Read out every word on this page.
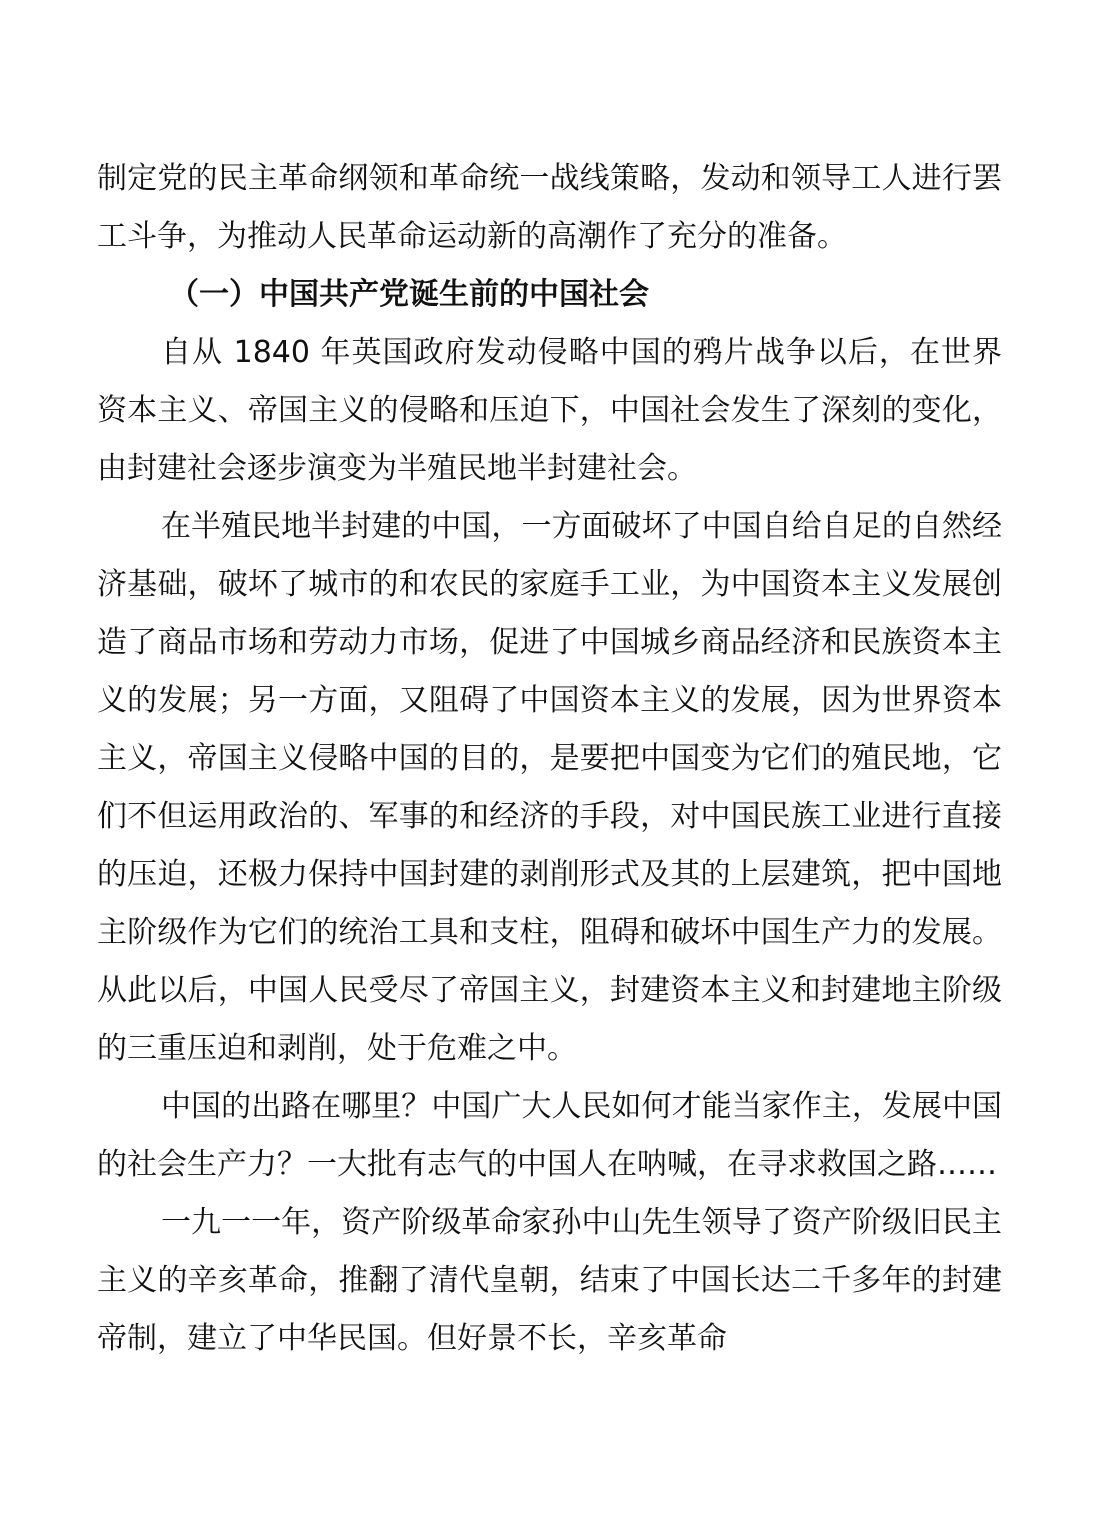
制定党的民主革命纲领和革命统一战线策略，发动和领导工人进行罢工斗争，为推动人民革命运动新的高潮作了充分的准备。

（一）中国共产党诞生前的中国社会

自从 1840 年英国政府发动侵略中国的鸦片战争以后，在世界资本主义、帝国主义的侵略和压迫下，中国社会发生了深刻的变化，由封建社会逐步演变为半殖民地半封建社会。

在半殖民地半封建的中国，一方面破坏了中国自给自足的自然经济基础，破坏了城市的和农民的家庭手工业，为中国资本主义发展创造了商品市场和劳动力市场，促进了中国城乡商品经济和民族资本主义的发展；另一方面，又阻碍了中国资本主义的发展，因为世界资本主义，帝国主义侵略中国的目的，是要把中国变为它们的殖民地，它们不但运用政治的、军事的和经济的手段，对中国民族工业进行直接的压迫，还极力保持中国封建的剥削形式及其的上层建筑，把中国地主阶级作为它们的统治工具和支柱，阻碍和破坏中国生产力的发展。从此以后，中国人民受尽了帝国主义，封建资本主义和封建地主阶级的三重压迫和剥削，处于危难之中。

中国的出路在哪里？中国广大人民如何才能当家作主，发展中国的社会生产力？一大批有志气的中国人在呐喊，在寻求救国之路……

一九一一年，资产阶级革命家孙中山先生领导了资产阶级旧民主主义的辛亥革命，推翻了清代皇朝，结束了中国长达二千多年的封建帝制，建立了中华民国。但好景不长，辛亥革命
